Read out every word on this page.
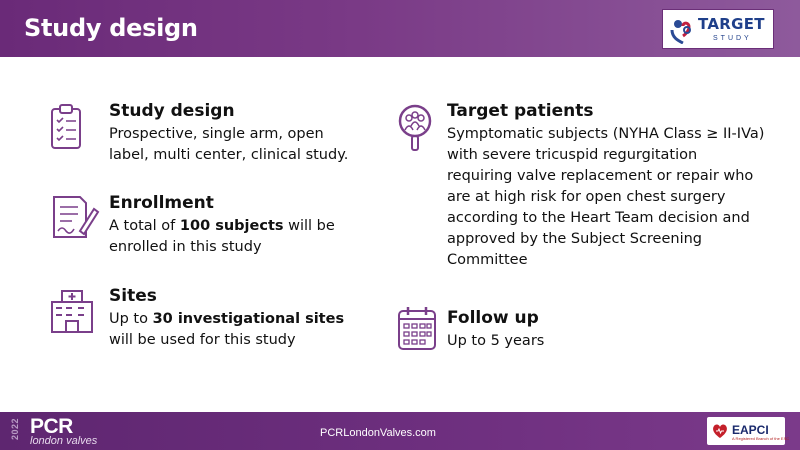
Study design	TARGET
STUDY
Study design
Prospective, single arm, open
label, multi center, clinical study.
Enrollment
A total of 100 subjects will be
enrolled in this study
Sites
Up to 30 investigational sites
will be used for this study
Target patients
Symptomatic subjects (NYHA Class ≥ II-IVa)
with severe tricuspid regurgitation
requiring valve replacement or repair who
are at high risk for open chest surgery
according to the Heart Team decision and
approved by the Subject Screening
Committee
Follow up
Up to 5 years
2022 PCR
london valves
PCRLondonValves.com	EAPCI
A Registered Branch of the ESC
